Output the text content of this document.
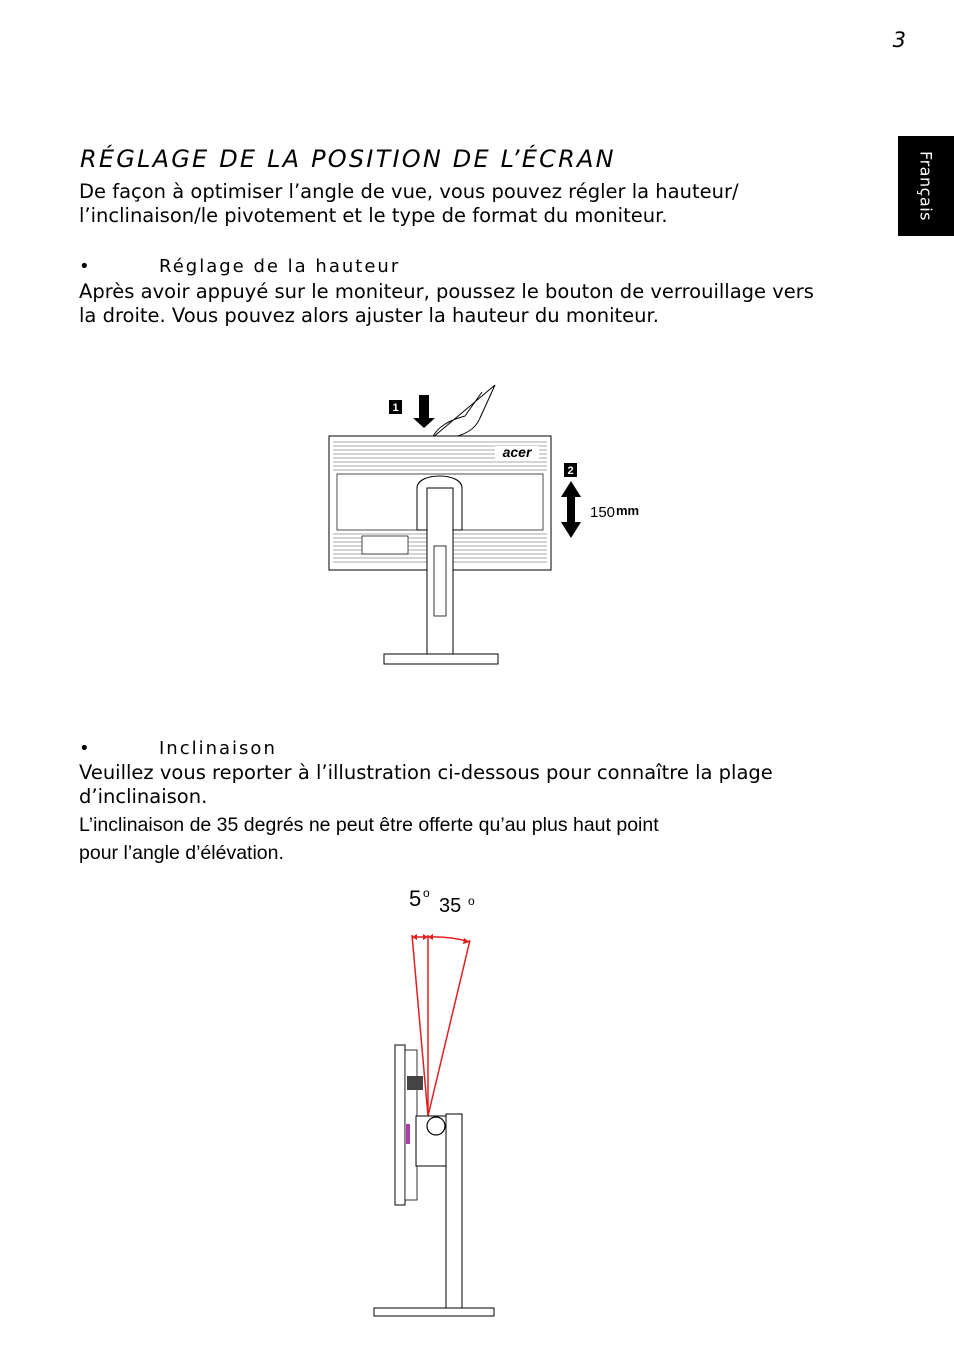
3
Français
RÉGLAGE DE LA POSITION DE L’ÉCRAN
De façon à optimiser l’angle de vue, vous pouvez régler la hauteur/
l’inclinaison/le pivotement et le type de format du moniteur.
•	Réglage de la hauteur
Après avoir appuyé sur le moniteur, poussez le bouton de verrouillage vers
la droite. Vous pouvez alors ajuster la hauteur du moniteur.
1
acer
2
150 mm
•	Inclinaison
Veuillez vous reporter à l’illustration ci-dessous pour connaître la plage
d’inclinaison.
L’inclinaison de 35 degrés ne peut être offerte qu’au plus haut point
pour l’angle d’élévation.
5 o
35 o
